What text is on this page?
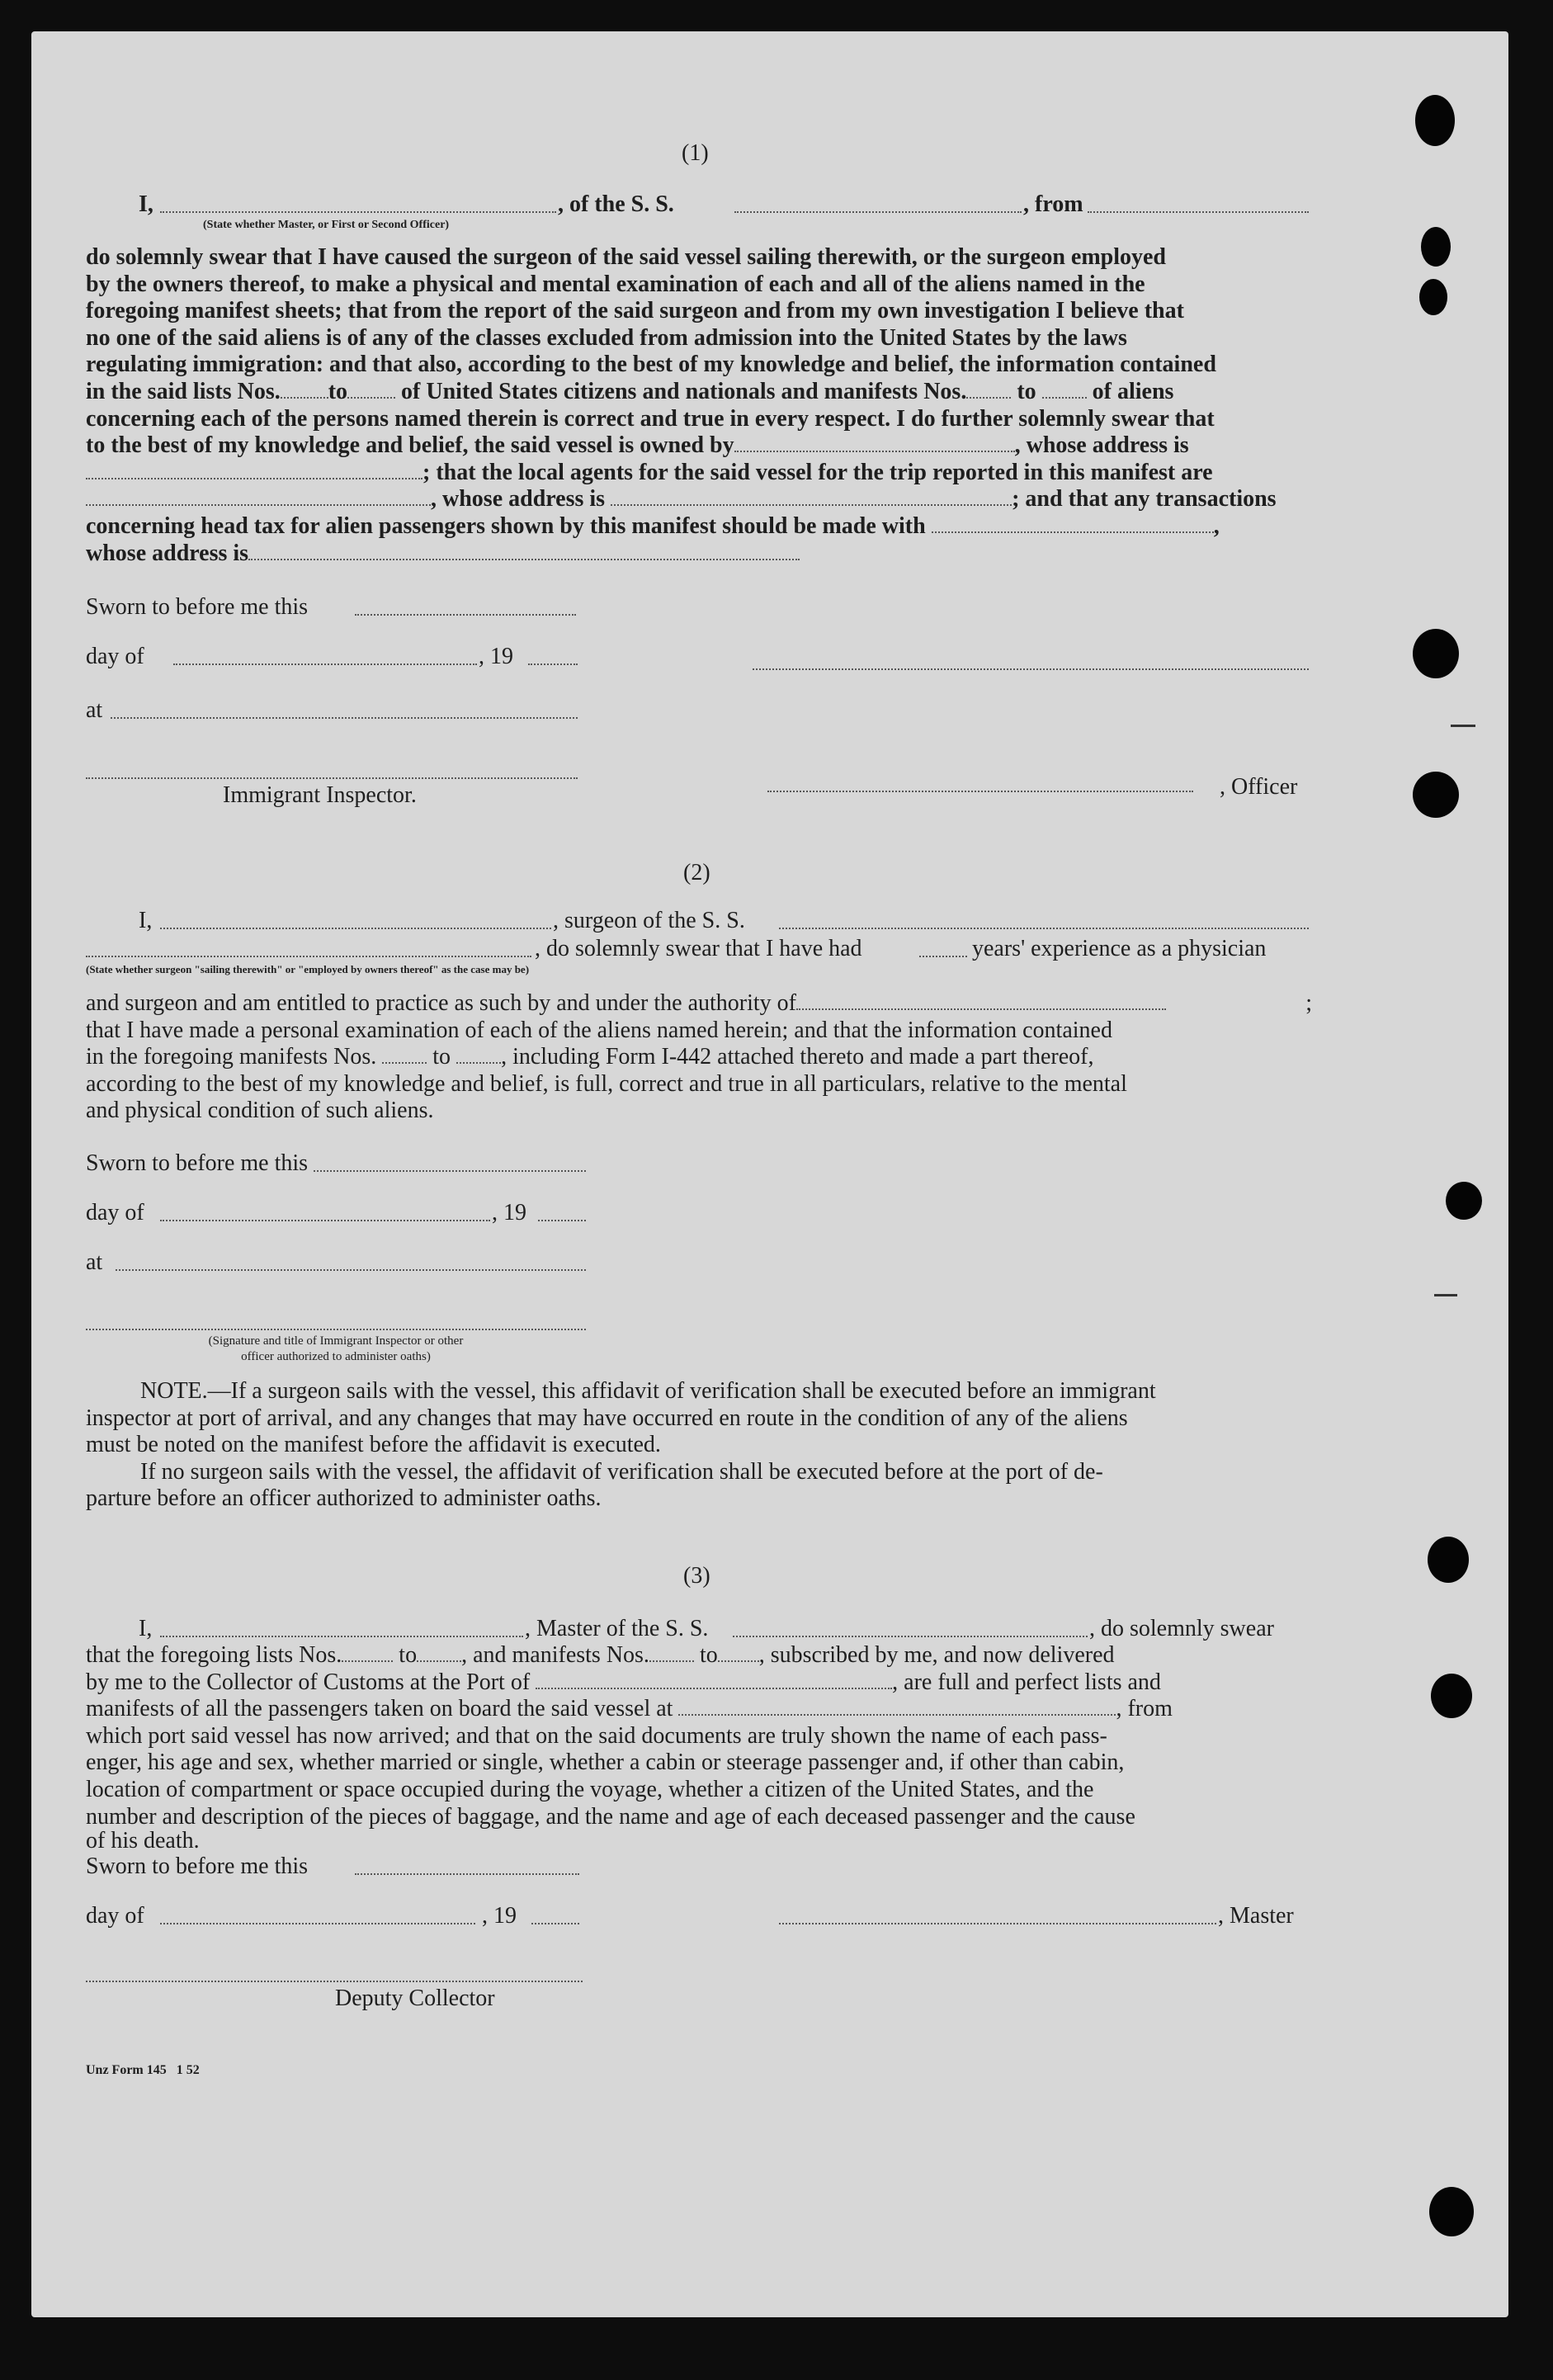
(1)
I,	, of the S. S.	, from
(State whether Master, or First or Second Officer)

do solemnly swear that I have caused the surgeon of the said vessel sailing therewith, or the surgeon employed

by the owners thereof, to make a physical and mental examination of each and all of the aliens named in the

foregoing manifest sheets; that from the report of the said surgeon and from my own investigation I believe that

no one of the said aliens is of any of the classes excluded from admission into the United States by the laws

regulating immigration: and that also, according to the best of my knowledge and belief, the information contained

in the said lists Nos. to of United States citizens and nationals and manifests Nos. to of aliens

concerning each of the persons named therein is correct and true in every respect. I do further solemnly swear that

to the best of my knowledge and belief, the said vessel is owned by	, whose address is

; that the local agents for the said vessel for the trip reported in this manifest are

, whose address is	; and that any transactions

concerning head tax for alien passengers shown by this manifest should be made with	,

whose address is

Sworn to before me this
day of	, 19
at
Immigrant Inspector.	, Officer
(2)
I,	, surgeon of the S. S.
, do solemnly swear that I have had	years' experience as a physician
(State whether surgeon "sailing therewith" or "employed by owners thereof" as the case may be)

and surgeon and am entitled to practice as such by and under the authority of	;

that I have made a personal examination of each of the aliens named herein; and that the information contained

in the foregoing manifests Nos. to , including Form I-442 attached thereto and made a part thereof,

according to the best of my knowledge and belief, is full, correct and true in all particulars, relative to the mental

and physical condition of such aliens.

Sworn to before me this
day of	, 19
at
(Signature and title of Immigrant Inspector or other
officer authorized to administer oaths)

NOTE.—If a surgeon sails with the vessel, this affidavit of verification shall be executed before an immigrant

inspector at port of arrival, and any changes that may have occurred en route in the condition of any of the aliens

must be noted on the manifest before the affidavit is executed.

If no surgeon sails with the vessel, the affidavit of verification shall be executed before at the port of de-

parture before an officer authorized to administer oaths.

(3)
I,	, Master of the S. S.	, do solemnly swear

that the foregoing lists Nos. to , and manifests Nos. to , subscribed by me, and now delivered

by me to the Collector of Customs at the Port of	, are full and perfect lists and

manifests of all the passengers taken on board the said vessel at	, from

which port said vessel has now arrived; and that on the said documents are truly shown the name of each pass-

enger, his age and sex, whether married or single, whether a cabin or steerage passenger and, if other than cabin,

location of compartment or space occupied during the voyage, whether a citizen of the United States, and the

number and description of the pieces of baggage, and the name and age of each deceased passenger and the cause

of his death.

Sworn to before me this
day of	, 19	, Master
Deputy Collector
Unz Form 145   1 52
